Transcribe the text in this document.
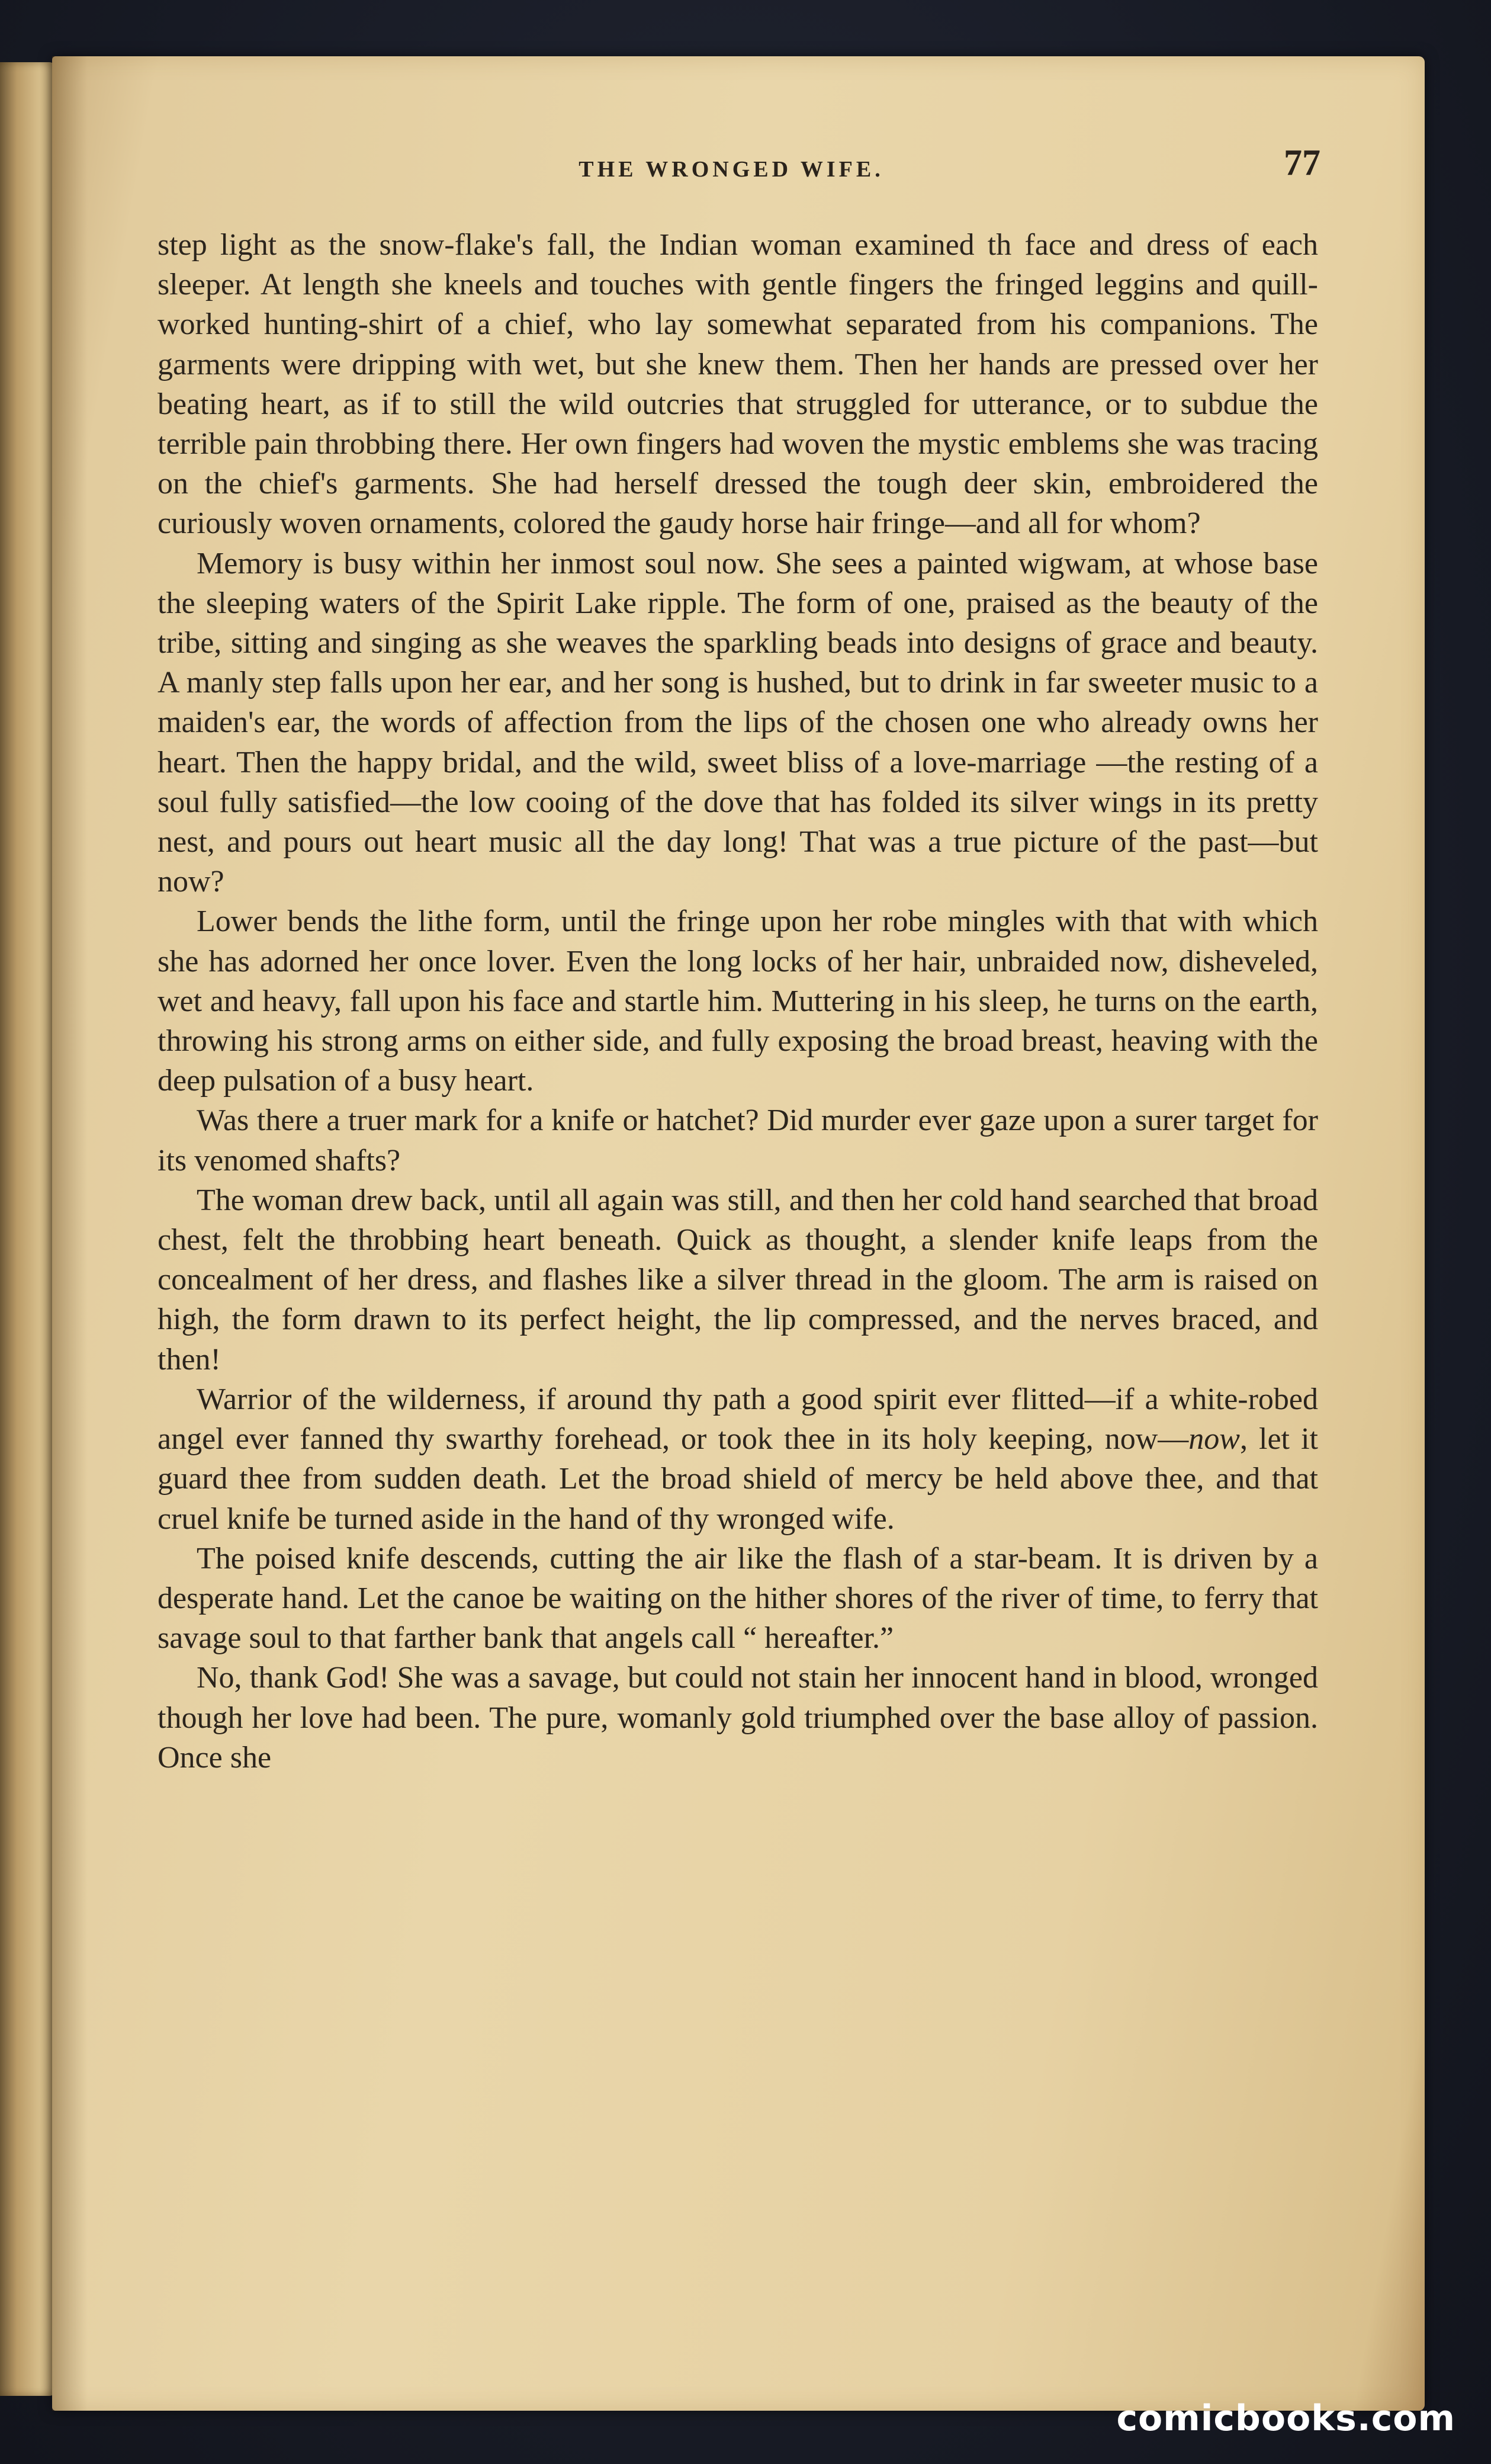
THE WRONGED WIFE.	77

step light as the snow-flake's fall, the Indian woman examined th face and dress of each sleeper. At length she kneels and touches with gentle fingers the fringed leggins and quill-worked hunting-shirt of a chief, who lay somewhat separated from his companions. The garments were dripping with wet, but she knew them. Then her hands are pressed over her beating heart, as if to still the wild outcries that struggled for utterance, or to subdue the terrible pain throbbing there. Her own fingers had woven the mystic emblems she was tracing on the chief's garments. She had herself dressed the tough deer skin, embroidered the curiously woven ornaments, colored the gaudy horse hair fringe—and all for whom?

Memory is busy within her inmost soul now. She sees a painted wigwam, at whose base the sleeping waters of the Spirit Lake ripple. The form of one, praised as the beauty of the tribe, sitting and singing as she weaves the sparkling beads into designs of grace and beauty. A manly step falls upon her ear, and her song is hushed, but to drink in far sweeter music to a maiden's ear, the words of affection from the lips of the chosen one who already owns her heart. Then the happy bridal, and the wild, sweet bliss of a love-marriage —the resting of a soul fully satisfied—the low cooing of the dove that has folded its silver wings in its pretty nest, and pours out heart music all the day long! That was a true picture of the past—but now?

Lower bends the lithe form, until the fringe upon her robe mingles with that with which she has adorned her once lover. Even the long locks of her hair, unbraided now, disheveled, wet and heavy, fall upon his face and startle him. Muttering in his sleep, he turns on the earth, throwing his strong arms on either side, and fully exposing the broad breast, heaving with the deep pulsation of a busy heart.

Was there a truer mark for a knife or hatchet? Did murder ever gaze upon a surer target for its venomed shafts?

The woman drew back, until all again was still, and then her cold hand searched that broad chest, felt the throbbing heart beneath. Quick as thought, a slender knife leaps from the concealment of her dress, and flashes like a silver thread in the gloom. The arm is raised on high, the form drawn to its perfect height, the lip compressed, and the nerves braced, and then!

Warrior of the wilderness, if around thy path a good spirit ever flitted—if a white-robed angel ever fanned thy swarthy forehead, or took thee in its holy keeping, now—now, let it guard thee from sudden death. Let the broad shield of mercy be held above thee, and that cruel knife be turned aside in the hand of thy wronged wife.

The poised knife descends, cutting the air like the flash of a star-beam. It is driven by a desperate hand. Let the canoe be waiting on the hither shores of the river of time, to ferry that savage soul to that farther bank that angels call “ hereafter.”

No, thank God! She was a savage, but could not stain her innocent hand in blood, wronged though her love had been. The pure, womanly gold triumphed over the base alloy of passion. Once she

comicbooks.com
